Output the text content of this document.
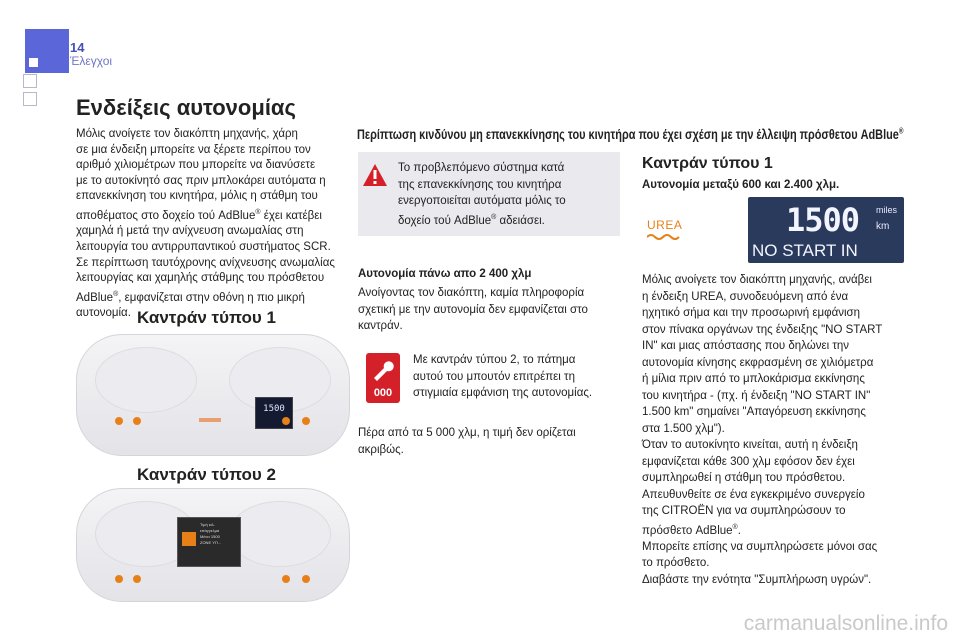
14
Έλεγχοι
Ενδείξεις αυτονομίας
Μόλις ανοίγετε τον διακόπτη μηχανής, χάρη
σε μια ένδειξη μπορείτε να ξέρετε περίπου τον
αριθμό χιλιομέτρων που μπορείτε να διανύσετε
με το αυτοκίνητό σας πριν μπλοκάρει αυτόματα η
επανεκκίνηση του κινητήρα, μόλις η στάθμη του
αποθέματος στο δοχείο τού AdBlue® έχει κατέβει
χαμηλά ή μετά την ανίχνευση ανωμαλίας στη
λειτουργία του αντιρρυπαντικού συστήματος SCR.
Σε περίπτωση ταυτόχρονης ανίχνευσης ανωμαλίας
λειτουργίας και χαμηλής στάθμης του πρόσθετου
AdBlue®, εμφανίζεται στην οθόνη η πιο μικρή
αυτονομία. Καντράν τύπου 1
1500
Καντράν τύπου 2
Τιμή κιλ.
επάγγελμα
Μένει 1500
ZONE ΥΠ...
Περίπτωση κινδύνου μη επανεκκίνησης του κινητήρα που έχει σχέση με την έλλειψη πρόσθετου AdBlue®
Το προβλεπόμενο σύστημα κατά
της επανεκκίνησης του κινητήρα
ενεργοποιείται αυτόματα μόλις το
δοχείο τού AdBlue® αδειάσει.
Αυτονομία πάνω απο 2 400 χλμ
Ανοίγοντας τον διακόπτη, καμία πληροφορία
σχετική με την αυτονομία δεν εμφανίζεται στο
καντράν.
000
Με καντράν τύπου 2, το πάτημα
αυτού του μπουτόν επιτρέπει τη
στιγμιαία εμφάνιση της αυτονομίας.
Πέρα από τα 5 000 χλμ, η τιμή δεν ορίζεται
ακριβώς.
Καντράν τύπου 1
Αυτονομία μεταξύ 600 και 2.400 χλμ.
UREA	1500 miles
km
NO START IN
Μόλις ανοίγετε τον διακόπτη μηχανής, ανάβει
η ένδειξη UREA, συνοδευόμενη από ένα
ηχητικό σήμα και την προσωρινή εμφάνιση
στον πίνακα οργάνων της ένδειξης "NO START
IN" και μιας απόστασης που δηλώνει την
αυτονομία κίνησης εκφρασμένη σε χιλιόμετρα
ή μίλια πριν από το μπλοκάρισμα εκκίνησης
του κινητήρα - (πχ. ή ένδειξη "NO START IN"
1.500 km" σημαίνει "Απαγόρευση εκκίνησης
στα 1.500 χλμ").
Όταν το αυτοκίνητο κινείται, αυτή η ένδειξη
εμφανίζεται κάθε 300 χλμ εφόσον δεν έχει
συμπληρωθεί η στάθμη του πρόσθετου.
Απευθυνθείτε σε ένα εγκεκριμένο συνεργείο
της CITROËN για να συμπληρώσουν το
πρόσθετο AdBlue®.
Μπορείτε επίσης να συμπληρώσετε μόνοι σας
το πρόσθετο.
Διαβάστε την ενότητα "Συμπλήρωση υγρών".
carmanualsonline.info
